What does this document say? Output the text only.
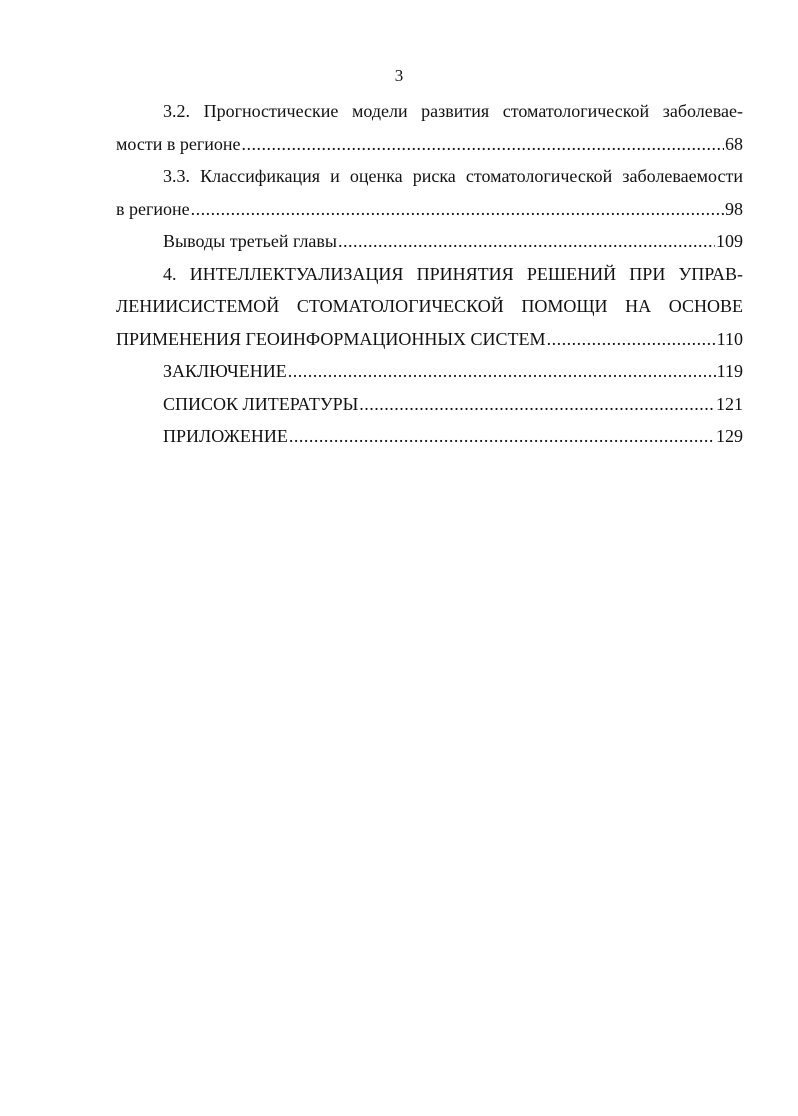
3
3.2. Прогностические модели развития стоматологической заболевае-
мости в регионе .....	68
3.3. Классификация и оценка риска стоматологической заболеваемости
в регионе .....	98
Выводы третьей главы .....	109
4. ИНТЕЛЛЕКТУАЛИЗАЦИЯ ПРИНЯТИЯ РЕШЕНИЙ ПРИ УПРАВ-
ЛЕНИИСИСТЕМОЙ СТОМАТОЛОГИЧЕСКОЙ ПОМОЩИ НА ОСНОВЕ
ПРИМЕНЕНИЯ ГЕОИНФОРМАЦИОННЫХ СИСТЕМ .....	110
ЗАКЛЮЧЕНИЕ .....	119
СПИСОК ЛИТЕРАТУРЫ .....	121
ПРИЛОЖЕНИЕ .....	129
